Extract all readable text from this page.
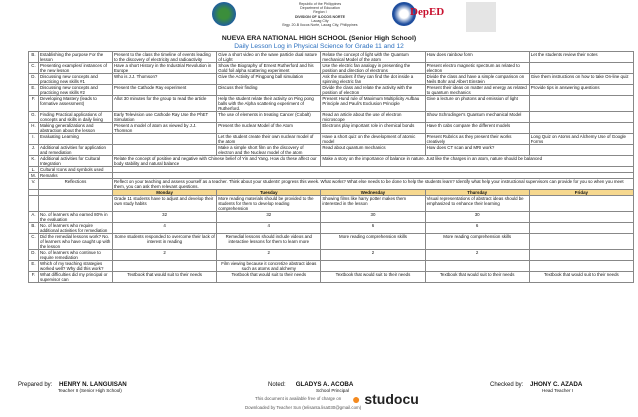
Republic of the Philippines
Department of Education
Region I
DIVISION OF ILOCOS NORTE
Laoag City
Brgy. 20-B Ilocos Norte, Laoag City, Philippines
DepED
NUEVA ERA NATIONAL HIGH SCHOOL (Senior High School)
Daily Lesson Log in Physical Science for Grade 11 and 12
B.	Establishing the purpose For the lesson	Present to the class the timeline of events leading to the discovery of electricity and radioactivity	Give a short video on the wave particle dual nature of Light	Relate the concept of light with the Quantum mechanical Model of the atom	How does rainbow form	Let the students review their notes
C.	Presenting examples/ instances of the new lesson	Have a short History in the Industrial Revolution in Europe	Show the Biography of Ernest Rutherford and his Gold foil alpha scattering experiment	Use the electric fan analogy in presenting the position and direction of electrons	Present electro magnetic spectrum as related to electron	
D.	Discussing new concepts and practicing new skills #1	Who is J.J. Thomson?	Give the Activity of Pingpong ball simulation	Ask the student if they can find the dot inside a spinning electric fan	Divide the class and have a simple comparison on Neils Bohr and Albert Einstein	Give them instructions on how to take On-line quiz
E.	Discussing new concepts and practicing new skills #2	Present the Cathode Ray experiment	Discuss their finding	Divide the class and relate the activity with the position of electron	Present their ideas on matter and energy as related to quantum mechanics	Provide tips in answering questions
F.	Developing Mastery (leads to formative assessment)	Allot 30 minutes for the group to read the article	Help the student relate their activity on Ping pong balls with the Alpha scattering experiment of Rutherford.	Present Hund rule of Maximum Multiplicity Aufbau Principle and Pauli's Exclusion Principle	Give a lecture on photons and emission of light	
G.	Finding Practical applications of concepts and skills in daily living	Early Television use Cathode Ray Use the PhET Simulation	The use of elements in treating Cancer (Cobalt)	Read an article about the use of electron microscope	Show Schrodinger's Quantum mechanical Model	
H.	Making generalizations and abstraction about the lesson	Present a model of atom as viewed by J.J. Thomson	Present the nuclear Model of the Atom	Electrons play important role in chemical bonds	Have th cabs compare the different models	
I.	Evaluating Learning		Let the student create their own nuclear model of the atom	Have a short quiz on the development of atomic model	Present Rubrics as they present their works creatively	Long Quiz on Atoms and Alchemy Use of Google Forms
J.	Additional activities for application and remediation		Make a simple short film on the discovery of electron and the Nuclear model of the atom	Read about quantum mechanics	How does CT scan and MRI work?	
K.	Additional activities for Cultural Integration	Relate the concept of positive and negative with Chinese belief of Yin and Yang. How do these affect our body stability and natural balance		Make a story on the importance of balance in nature. Just like the charges in an atom, nature should be balanced		
L.	Cultural Icons and symbols used					
M.	Remarks					
V.	Reflections	Reflect on your teaching and assess yourself as a teacher. Think about your students' progress this week. What works? What else needs to be done to help the students learn? Identify what help your instructional supervisors can provide for you so when you meet them, you can ask them relevant questions.				
		Monday	Tuesday	Wednesday	Thursday	Friday
		Grade 11 students have to adjust and develop their own study habits	More reading materials should be provided to the students for them to develop reading comprehension	Showing films like harry potter makes them interested in the lesson	Visual representations of abstract ideas should be emphasized to enhance their learning	
A.	No. of learners who earned 80% in the evaluation	32	32	30	30	
B.	No. of learners who require additional activities for remediation	4	4	6	6	
C.	Did the remedial lessons work? No. of learners who have caught up with the lesson	Some students responded to overcome their lack of interest in reading	Remedial lessons should include videos and interactive lessons for them to learn more	More reading comprehension skills	More reading comprehension skills	
D.	No. of learners who continue to require remediation	2	2	2	2	
E.	Which of my teaching strategies worked well? Why did this work?		Film viewing because it concretize abstract ideas such as atoms and alchemy			
F.	What difficulties did my principal or supervisor can	Textbook that would suit to their needs	Textbook that would suit to their needs	Textbook that would suit to their needs	Textbook that would suit to their needs	Textbook that would suit to their needs
Prepared by: HENRY N. LANGUISAN
Teacher II (Senior High School)
Noted: GLADYS A. ACOBA
School Principal
Checked by: JHONY C. AZADA
Head Teacher I
This document is available free of charge on
Downloaded by Teacher Sun (telisanta.lisa030@gmail.com)
● studocu
